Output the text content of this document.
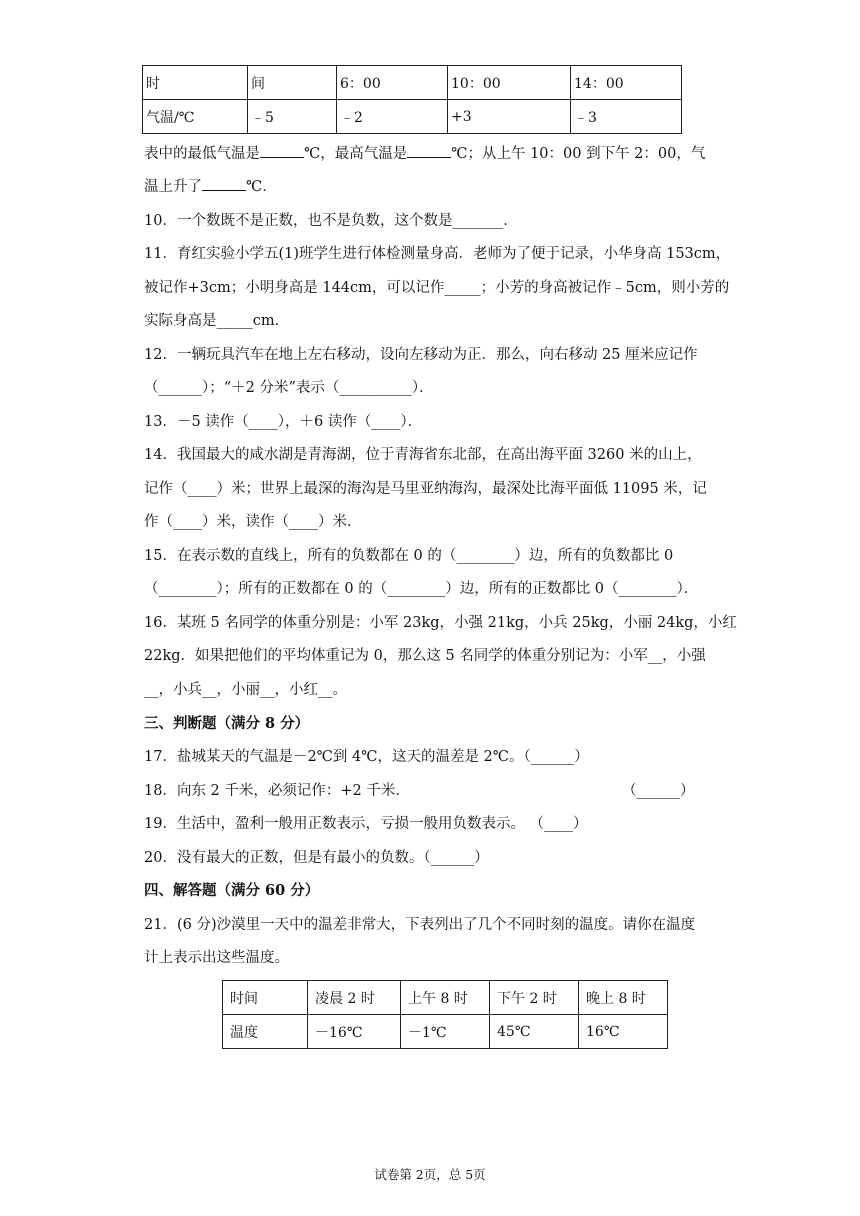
时	间	6：00	10：00	14：00
气温/℃	﹣5	﹣2	+3	﹣3
表中的最低气温是	℃，最高气温是	℃；从上午 10：00 到下午 2：00，气
温上升了	℃．
10．一个数既不是正数，也不是负数，这个数是_______．
11．育红实验小学五(1)班学生进行体检测量身高．老师为了便于记录，小华身高 153cm，
被记作+3cm；小明身高是 144cm，可以记作_____；小芳的身高被记作﹣5cm，则小芳的
实际身高是_____cm．
12．一辆玩具汽车在地上左右移动，设向左移动为正．那么，向右移动 25 厘米应记作
（______）；“＋2 分米”表示（__________）．
13．－5 读作（____），＋6 读作（____）．
14．我国最大的咸水湖是青海湖，位于青海省东北部，在高出海平面 3260 米的山上，
记作（____）米；世界上最深的海沟是马里亚纳海沟，最深处比海平面低 11095 米，记
作（____）米，读作（____）米．
15．在表示数的直线上，所有的负数都在 0 的（________）边，所有的负数都比 0
（________）；所有的正数都在 0 的（________）边，所有的正数都比 0（________）．
16．某班 5 名同学的体重分别是：小军 23kg，小强 21kg，小兵 25kg，小丽 24kg，小红
22kg．如果把他们的平均体重记为 0，那么这 5 名同学的体重分别记为：小军__，小强
__，小兵__，小丽__，小红__。
三、判断题（满分 8 分）
17．盐城某天的气温是－2℃到 4℃，这天的温差是 2℃。（______）
18．向东 2 千米，必须记作：+2 千米．	（______）
19．生活中，盈利一般用正数表示，亏损一般用负数表示。 （____）
20．没有最大的正数，但是有最小的负数。（______）
四、解答题（满分 60 分）
21．(6 分)沙漠里一天中的温差非常大，下表列出了几个不同时刻的温度。请你在温度
计上表示出这些温度。
时间	凌晨 2 时	上午 8 时	下午 2 时	晚上 8 时
温度	－16℃	－1℃	45℃	16℃
试卷第 2页，总 5页
